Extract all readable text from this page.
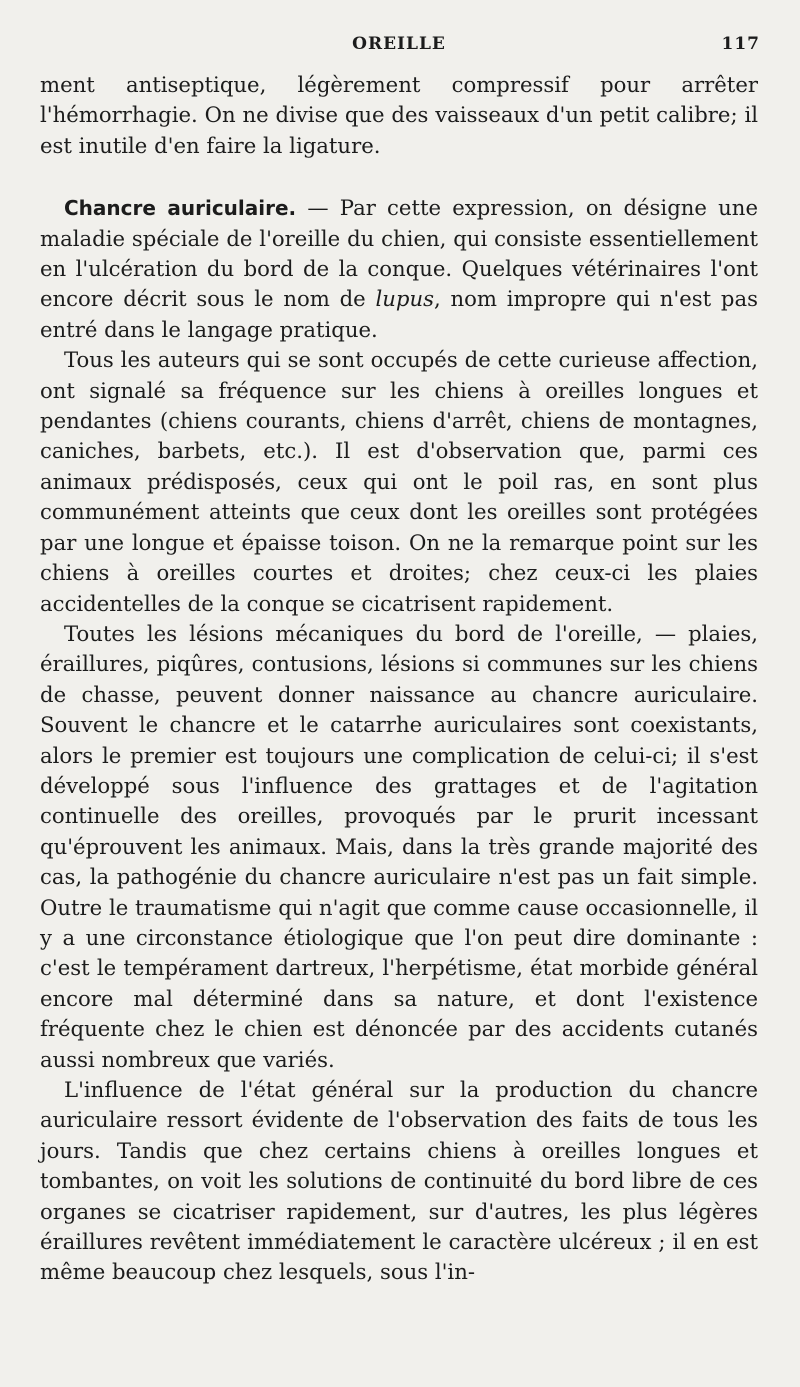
OREILLE	117

ment antiseptique, légèrement compressif pour arrêter l'hémorrhagie. On ne divise que des vaisseaux d'un petit calibre; il est inutile d'en faire la ligature.

Chancre auriculaire. — Par cette expression, on désigne une maladie spéciale de l'oreille du chien, qui consiste essentiellement en l'ulcération du bord de la conque. Quelques vétérinaires l'ont encore décrit sous le nom de lupus, nom impropre qui n'est pas entré dans le langage pratique.

Tous les auteurs qui se sont occupés de cette curieuse affection, ont signalé sa fréquence sur les chiens à oreilles longues et pendantes (chiens courants, chiens d'arrêt, chiens de montagnes, caniches, barbets, etc.). Il est d'observation que, parmi ces animaux prédisposés, ceux qui ont le poil ras, en sont plus communément atteints que ceux dont les oreilles sont protégées par une longue et épaisse toison. On ne la remarque point sur les chiens à oreilles courtes et droites; chez ceux-ci les plaies accidentelles de la conque se cicatrisent rapidement.

Toutes les lésions mécaniques du bord de l'oreille, — plaies, éraillures, piqûres, contusions, lésions si communes sur les chiens de chasse, peuvent donner naissance au chancre auriculaire. Souvent le chancre et le catarrhe auriculaires sont coexistants, alors le premier est toujours une complication de celui-ci; il s'est développé sous l'influence des grattages et de l'agitation continuelle des oreilles, provoqués par le prurit incessant qu'éprouvent les animaux. Mais, dans la très grande majorité des cas, la pathogénie du chancre auriculaire n'est pas un fait simple. Outre le traumatisme qui n'agit que comme cause occasionnelle, il y a une circonstance étiologique que l'on peut dire dominante : c'est le tempérament dartreux, l'herpétisme, état morbide général encore mal déterminé dans sa nature, et dont l'existence fréquente chez le chien est dénoncée par des accidents cutanés aussi nombreux que variés.

L'influence de l'état général sur la production du chancre auriculaire ressort évidente de l'observation des faits de tous les jours. Tandis que chez certains chiens à oreilles longues et tombantes, on voit les solutions de continuité du bord libre de ces organes se cicatriser rapidement, sur d'autres, les plus légères éraillures revêtent immédiatement le caractère ulcéreux ; il en est même beaucoup chez lesquels, sous l'in-
